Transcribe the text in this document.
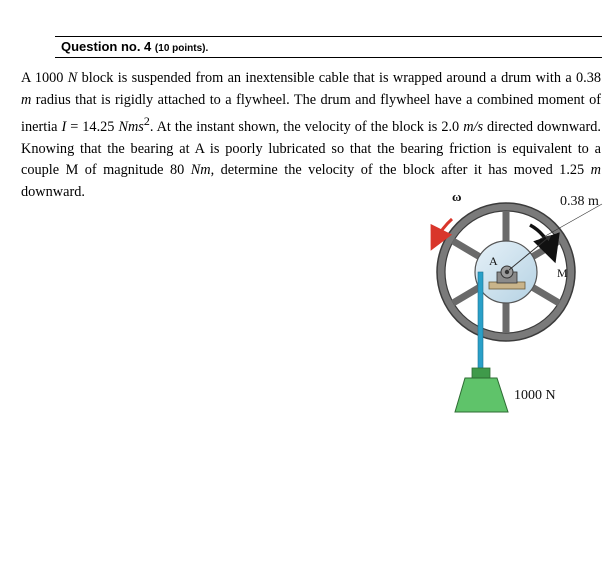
Question no. 4 (10 points).

A 1000 N block is suspended from an inextensible cable that is wrapped around a drum with a 0.38 m radius that is rigidly attached to a flywheel. The drum and flywheel have a combined moment of inertia I = 14.25 Nms$^2$. At the instant shown, the velocity of the block is 2.0 m/s directed downward. Knowing that the bearing at A is poorly lubricated so that the bearing friction is equivalent to a couple M of magnitude 80 Nm, determine the velocity of the block after it has moved 1.25 m downward.	ω	0.38 m
A
M
1000 N
